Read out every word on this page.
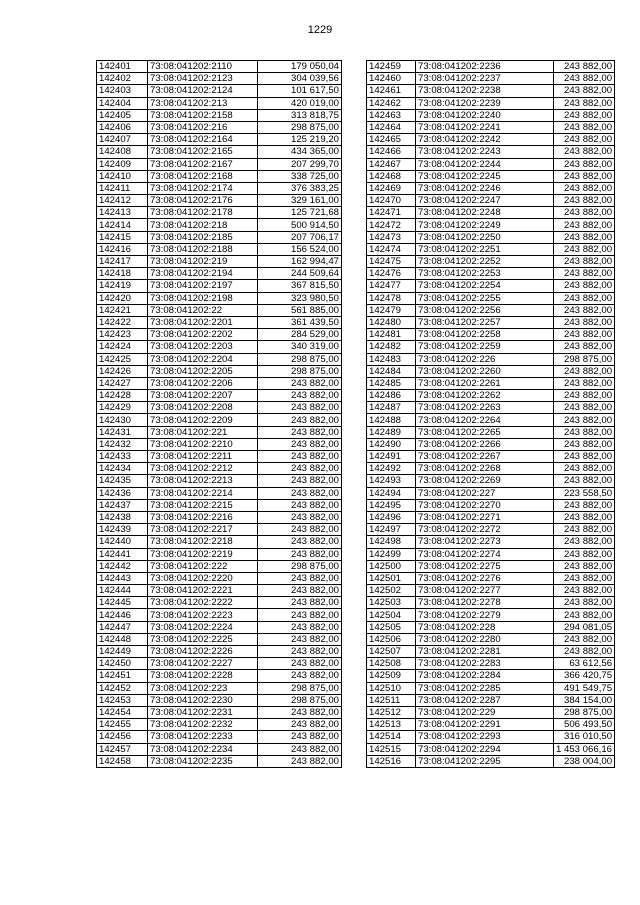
1229
142401	73:08:041202:2110	179 050,04
142402	73:08:041202:2123	304 039,56
142403	73:08:041202:2124	101 617,50
142404	73:08:041202:213	420 019,00
142405	73:08:041202:2158	313 818,75
142406	73:08:041202:216	298 875,00
142407	73:08:041202:2164	125 219,20
142408	73:08:041202:2165	434 365,00
142409	73:08:041202:2167	207 299,70
142410	73:08:041202:2168	338 725,00
142411	73:08:041202:2174	376 383,25
142412	73:08:041202:2176	329 161,00
142413	73:08:041202:2178	125 721,68
142414	73:08:041202:218	500 914,50
142415	73:08:041202:2185	207 706,17
142416	73:08:041202:2188	156 524,00
142417	73:08:041202:219	162 994,47
142418	73:08:041202:2194	244 509,64
142419	73:08:041202:2197	367 815,50
142420	73:08:041202:2198	323 980,50
142421	73:08:041202:22	561 885,00
142422	73:08:041202:2201	361 439,50
142423	73:08:041202:2202	284 529,00
142424	73:08:041202:2203	340 319,00
142425	73:08:041202:2204	298 875,00
142426	73:08:041202:2205	298 875,00
142427	73:08:041202:2206	243 882,00
142428	73:08:041202:2207	243 882,00
142429	73:08:041202:2208	243 882,00
142430	73:08:041202:2209	243 882,00
142431	73:08:041202:221	243 882,00
142432	73:08:041202:2210	243 882,00
142433	73:08:041202:2211	243 882,00
142434	73:08:041202:2212	243 882,00
142435	73:08:041202:2213	243 882,00
142436	73:08:041202:2214	243 882,00
142437	73:08:041202:2215	243 882,00
142438	73:08:041202:2216	243 882,00
142439	73:08:041202:2217	243 882,00
142440	73:08:041202:2218	243 882,00
142441	73:08:041202:2219	243 882,00
142442	73:08:041202:222	298 875,00
142443	73:08:041202:2220	243 882,00
142444	73:08:041202:2221	243 882,00
142445	73:08:041202:2222	243 882,00
142446	73:08:041202:2223	243 882,00
142447	73:08:041202:2224	243 882,00
142448	73:08:041202:2225	243 882,00
142449	73:08:041202:2226	243 882,00
142450	73:08:041202:2227	243 882,00
142451	73:08:041202:2228	243 882,00
142452	73:08:041202:223	298 875,00
142453	73:08:041202:2230	298 875,00
142454	73:08:041202:2231	243 882,00
142455	73:08:041202:2232	243 882,00
142456	73:08:041202:2233	243 882,00
142457	73:08:041202:2234	243 882,00
142458	73:08:041202:2235	243 882,00
142459	73:08:041202:2236	243 882,00
142460	73:08:041202:2237	243 882,00
142461	73:08:041202:2238	243 882,00
142462	73:08:041202:2239	243 882,00
142463	73:08:041202:2240	243 882,00
142464	73:08:041202:2241	243 882,00
142465	73:08:041202:2242	243 882,00
142466	73:08:041202:2243	243 882,00
142467	73:08:041202:2244	243 882,00
142468	73:08:041202:2245	243 882,00
142469	73:08:041202:2246	243 882,00
142470	73:08:041202:2247	243 882,00
142471	73:08:041202:2248	243 882,00
142472	73:08:041202:2249	243 882,00
142473	73:08:041202:2250	243 882,00
142474	73:08:041202:2251	243 882,00
142475	73:08:041202:2252	243 882,00
142476	73:08:041202:2253	243 882,00
142477	73:08:041202:2254	243 882,00
142478	73:08:041202:2255	243 882,00
142479	73:08:041202:2256	243 882,00
142480	73:08:041202:2257	243 882,00
142481	73:08:041202:2258	243 882,00
142482	73:08:041202:2259	243 882,00
142483	73:08:041202:226	298 875,00
142484	73:08:041202:2260	243 882,00
142485	73:08:041202:2261	243 882,00
142486	73:08:041202:2262	243 882,00
142487	73:08:041202:2263	243 882,00
142488	73:08:041202:2264	243 882,00
142489	73:08:041202:2265	243 882,00
142490	73:08:041202:2266	243 882,00
142491	73:08:041202:2267	243 882,00
142492	73:08:041202:2268	243 882,00
142493	73:08:041202:2269	243 882,00
142494	73:08:041202:227	223 558,50
142495	73:08:041202:2270	243 882,00
142496	73:08:041202:2271	243 882,00
142497	73:08:041202:2272	243 882,00
142498	73:08:041202:2273	243 882,00
142499	73:08:041202:2274	243 882,00
142500	73:08:041202:2275	243 882,00
142501	73:08:041202:2276	243 882,00
142502	73:08:041202:2277	243 882,00
142503	73:08:041202:2278	243 882,00
142504	73:08:041202:2279	243 882,00
142505	73:08:041202:228	294 081,05
142506	73:08:041202:2280	243 882,00
142507	73:08:041202:2281	243 882,00
142508	73:08:041202:2283	63 612,56
142509	73:08:041202:2284	366 420,75
142510	73:08:041202:2285	491 549,75
142511	73:08:041202:2287	384 154,00
142512	73:08:041202:229	298 875,00
142513	73:08:041202:2291	506 493,50
142514	73:08:041202:2293	316 010,50
142515	73:08:041202:2294	1 453 066,16
142516	73:08:041202:2295	238 004,00
